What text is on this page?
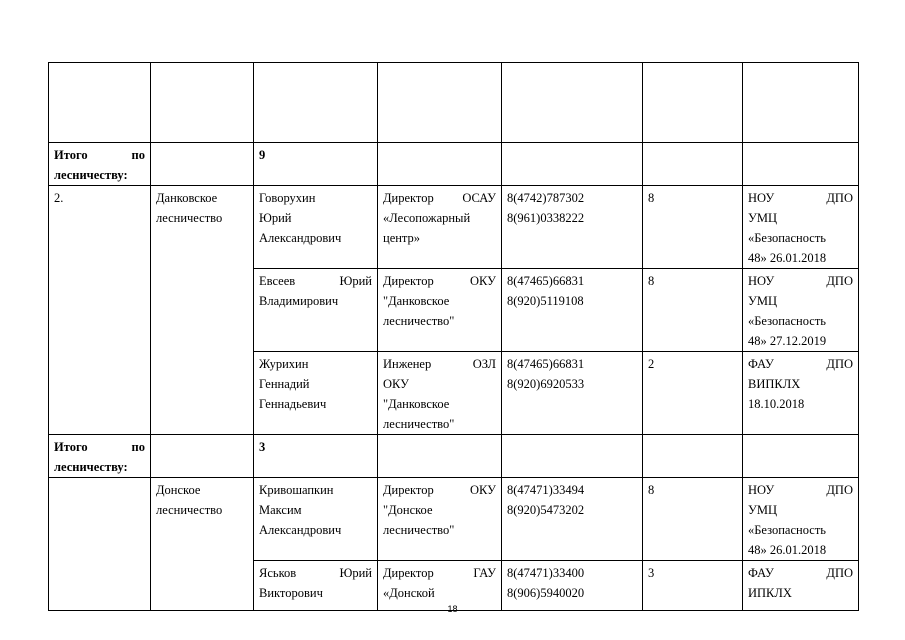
Итого по
лесничеству:		9				
2.	Данковское
лесничество	Говорухин
Юрий
Александрович	Директор ОСАУ
«Лесопожарный
центр»	8(4742)787302
8(961)0338222	8	НОУ ДПО
УМЦ
«Безопасность
48» 26.01.2018

		Евсеев Юрий
Владимирович	Директор ОКУ
"Данковское
лесничество"	8(47465)66831
8(920)5119108	8	НОУ ДПО
УМЦ
«Безопасность
48» 27.12.2019

		Журихин
Геннадий
Геннадьевич	Инженер ОЗЛ
ОКУ
"Данковское
лесничество"	8(47465)66831
8(920)6920533	2	ФАУ ДПО
ВИПКЛХ
18.10.2018

Итого по
лесничеству:		3				

	Донское
лесничество	Кривошапкин
Максим
Александрович	Директор ОКУ
"Донское
лесничество"	8(47471)33494
8(920)5473202	8	НОУ ДПО
УМЦ
«Безопасность
48» 26.01.2018

		Яськов Юрий
Викторович	Директор ГАУ
«Донской	8(47471)33400
8(906)5940020	3	ФАУ ДПО
ИПКЛХ
18
